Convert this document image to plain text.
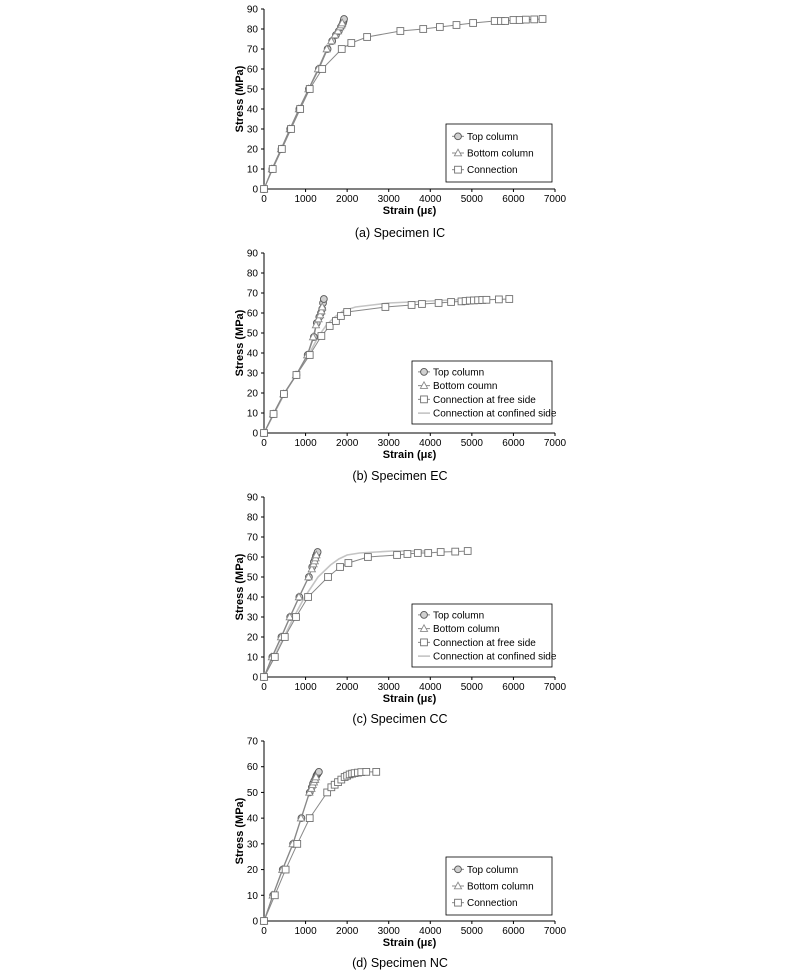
0
10
20
30
40
50
60
70
80
90
0	1000 2000 3000 4000 5000 6000 7000
Strain (με)
Stress (MPa)
Top column
Bottom column
Connection
(a) Specimen IC
0
10
20
30
40
50
60
70
80
90
0	1000 2000 3000 4000 5000 6000 7000
Strain (με)
Stress (MPa)	Top column
Bottom coumn
Connection at free side
Connection at confined side
(b) Specimen EC
0
10
20
30
40
50
60
70
80
90
0	1000 2000 3000 4000 5000 6000 7000
Strain (με)
Stress (MPa)	Top column
Bottom column
Connection at free side
Connection at confined side
(c) Specimen CC
0
10
20
30
40
50
60
70
0	1000 2000 3000 4000 5000 6000 7000
Strain (με)
Stress (MPa)
Top column
Bottom column
Connection
(d) Specimen NC
